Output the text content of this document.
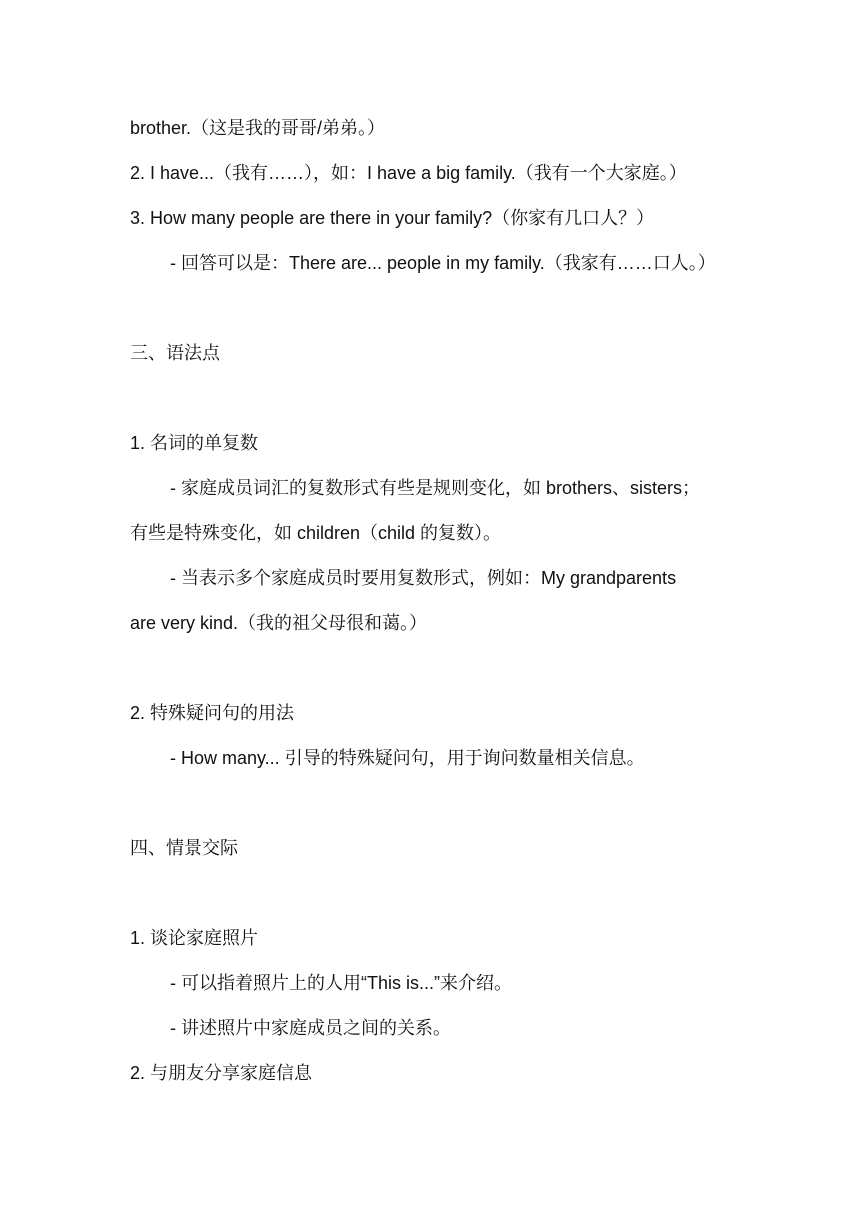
brother.（这是我的哥哥/弟弟。）
2. I have...（我有……），如：I have a big family.（我有一个大家庭。）
3. How many people are there in your family?（你家有几口人？）
- 回答可以是：There are... people in my family.（我家有……口人。）
三、语法点
1. 名词的单复数
- 家庭成员词汇的复数形式有些是规则变化，如 brothers、sisters；
有些是特殊变化，如 children（child 的复数）。
- 当表示多个家庭成员时要用复数形式，例如：My grandparents
are very kind.（我的祖父母很和蔼。）
2. 特殊疑问句的用法
- How many... 引导的特殊疑问句，用于询问数量相关信息。
四、情景交际
1. 谈论家庭照片
- 可以指着照片上的人用“This is...”来介绍。
- 讲述照片中家庭成员之间的关系。
2. 与朋友分享家庭信息
